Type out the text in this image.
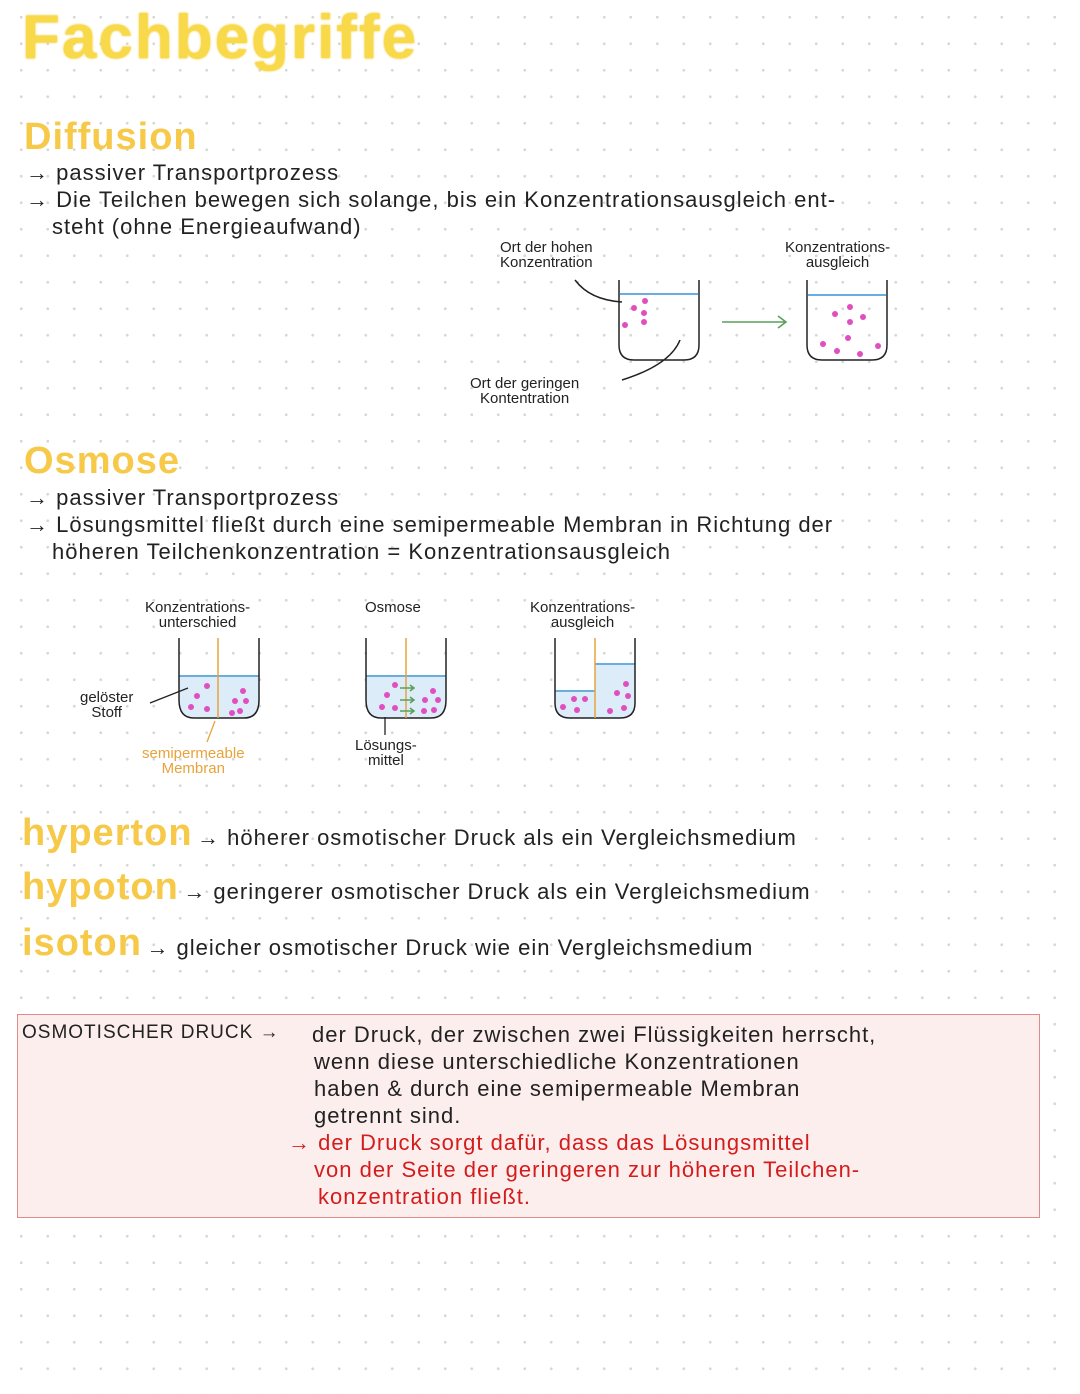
Fachbegriffe
Diffusion
→ passiver Transportprozess
→ Die Teilchen bewegen sich solange, bis ein Konzentrationsausgleich ent-
steht (ohne Energieaufwand)
Ort der hohen
Konzentration
Ort der geringen
Kontentration
Konzentrations-
ausgleich
Osmose
→ passiver Transportprozess
→ Lösungsmittel fließt durch eine semipermeable Membran in Richtung der
höheren Teilchenkonzentration = Konzentrationsausgleich
Konzentrations-
unterschied
Osmose	Konzentrations-
ausgleich
gelöster
Stoff
semipermeable
Membran
Lösungs-
mittel
hyperton → höherer osmotischer Druck als ein Vergleichsmedium
hypoton → geringerer osmotischer Druck als ein Vergleichsmedium
isoton → gleicher osmotischer Druck wie ein Vergleichsmedium
OSMOTISCHER DRUCK → der Druck, der zwischen zwei Flüssigkeiten herrscht,
wenn diese unterschiedliche Konzentrationen
haben & durch eine semipermeable Membran
getrennt sind.
→ der Druck sorgt dafür, dass das Lösungsmittel
von der Seite der geringeren zur höheren Teilchen-
konzentration fließt.
